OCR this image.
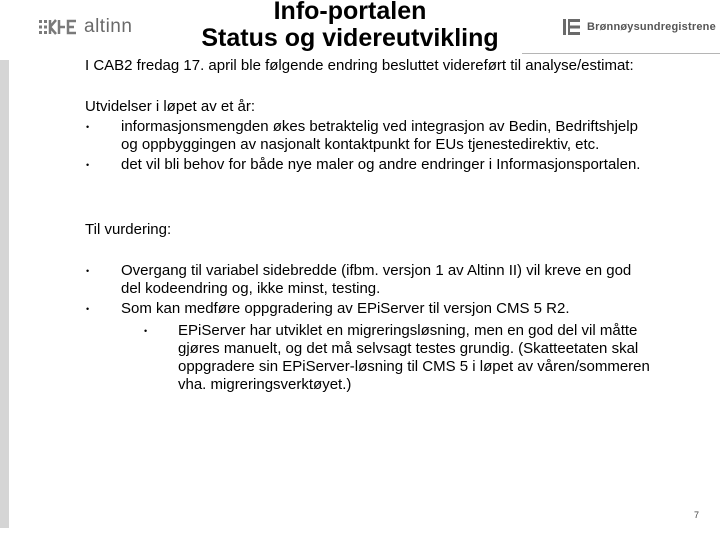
altinn
Info-portalen
Status og videreutvikling	Brønnøysundregistrene
I CAB2 fredag 17. april ble følgende endring besluttet videreført til analyse/estimat:
Utvidelser i løpet av et år:
• informasjonsmengden økes betraktelig ved integrasjon av Bedin, Bedriftshjelp
og oppbyggingen av nasjonalt kontaktpunkt for EUs tjenestedirektiv, etc.
• det vil bli behov for både nye maler og andre endringer i Informasjonsportalen.
Til vurdering:
• Overgang til variabel sidebredde (ifbm. versjon 1 av Altinn II) vil kreve en god
del kodeendring og, ikke minst, testing.
• Som kan medføre oppgradering av EPiServer til versjon CMS 5 R2.
• EPiServer har utviklet en migreringsløsning, men en god del vil måtte
gjøres manuelt, og det må selvsagt testes grundig. (Skatteetaten skal
oppgradere sin EPiServer-løsning til CMS 5 i løpet av våren/sommeren
vha. migreringsverktøyet.)
7
